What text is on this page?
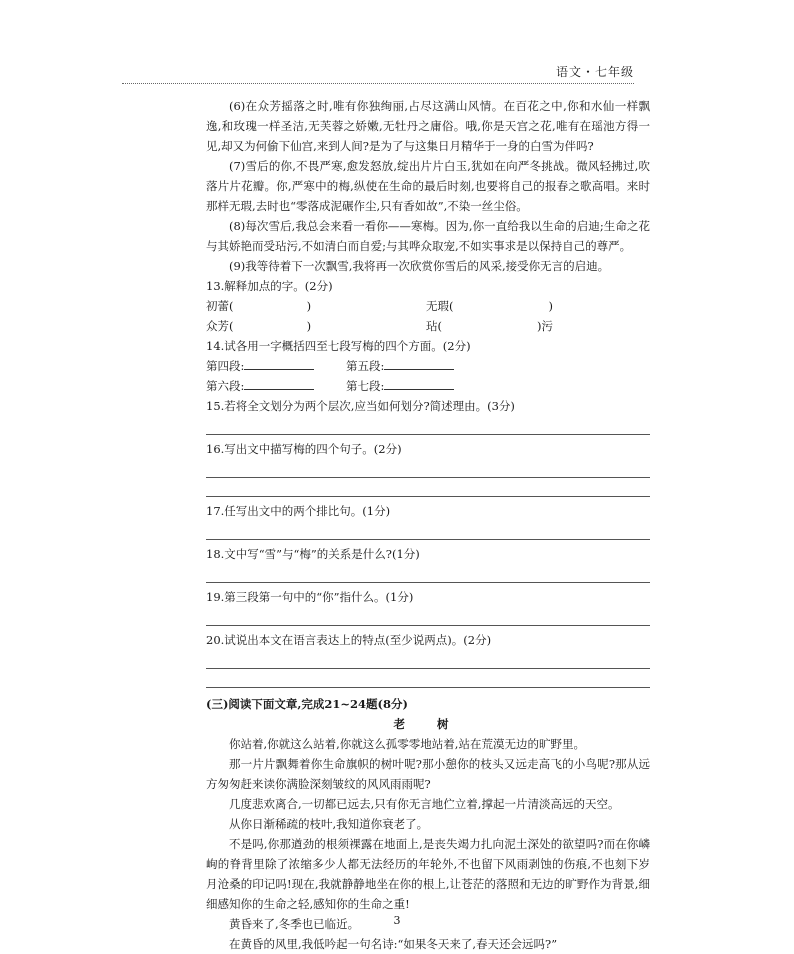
语文・七年级

(6)在众芳摇落之时,唯有你独绚丽,占尽这满山风情。在百花之中,你和水仙一样飘逸,和玫瑰一样圣洁,无芙蓉之娇嫩,无牡丹之庸俗。哦,你是天宫之花,唯有在瑶池方得一见,却又为何偷下仙宫,来到人间?是为了与这集日月精华于一身的白雪为伴吗?

(7)雪后的你,不畏严寒,愈发怒放,绽出片片白玉,犹如在向严冬挑战。微风轻拂过,吹落片片花瓣。你,严寒中的梅,纵使在生命的最后时刻,也要将自己的报春之歌高唱。来时那样无瑕,去时也“零落成泥碾作尘,只有香如故”,不染一丝尘俗。

(8)每次雪后,我总会来看一看你——寒梅。因为,你一直给我以生命的启迪;生命之花与其娇艳而受玷污,不如清白而自爱;与其哗众取宠,不如实事求是以保持自己的尊严。

(9)我等待着下一次飘雪,我将再一次欣赏你雪后的风采,接受你无言的启迪。

13.解释加点的字。(2分)

初蕾(                    )	无瑕(                          )
众芳(                    )	玷(                          )污

14.试各用一字概括四至七段写梅的四个方面。(2分)

第四段:	第五段:
第六段:	第七段:

15.若将全文划分为两个层次,应当如何划分?简述理由。(3分)

16.写出文中描写梅的四个句子。(2分)

17.任写出文中的两个排比句。(1分)

18.文中写“雪”与“梅”的关系是什么?(1分)

19.第三段第一句中的“你”指什么。(1分)

20.试说出本文在语言表达上的特点(至少说两点)。(2分)

(三)阅读下面文章,完成21~24题(8分)

老 树

你站着,你就这么站着,你就这么孤零零地站着,站在荒漠无边的旷野里。

那一片片飘舞着你生命旗帜的树叶呢?那小憩你的枝头又远走高飞的小鸟呢?那从远方匆匆赶来读你满脸深刻皱纹的风风雨雨呢?

几度悲欢离合,一切都已远去,只有你无言地伫立着,撑起一片清淡高远的天空。

从你日渐稀疏的枝叶,我知道你衰老了。

不是吗,你那遒劲的根须裸露在地面上,是丧失竭力扎向泥土深处的欲望吗?而在你嶙峋的脊背里除了浓缩多少人都无法经历的年轮外,不也留下风雨剥蚀的伤痕,不也刻下岁月沧桑的印记吗!现在,我就静静地坐在你的根上,让苍茫的落照和无边的旷野作为背景,细细感知你的生命之轻,感知你的生命之重!

黄昏来了,冬季也已临近。

在黄昏的风里,我低吟起一句名诗:“如果冬天来了,春天还会远吗?”

3
